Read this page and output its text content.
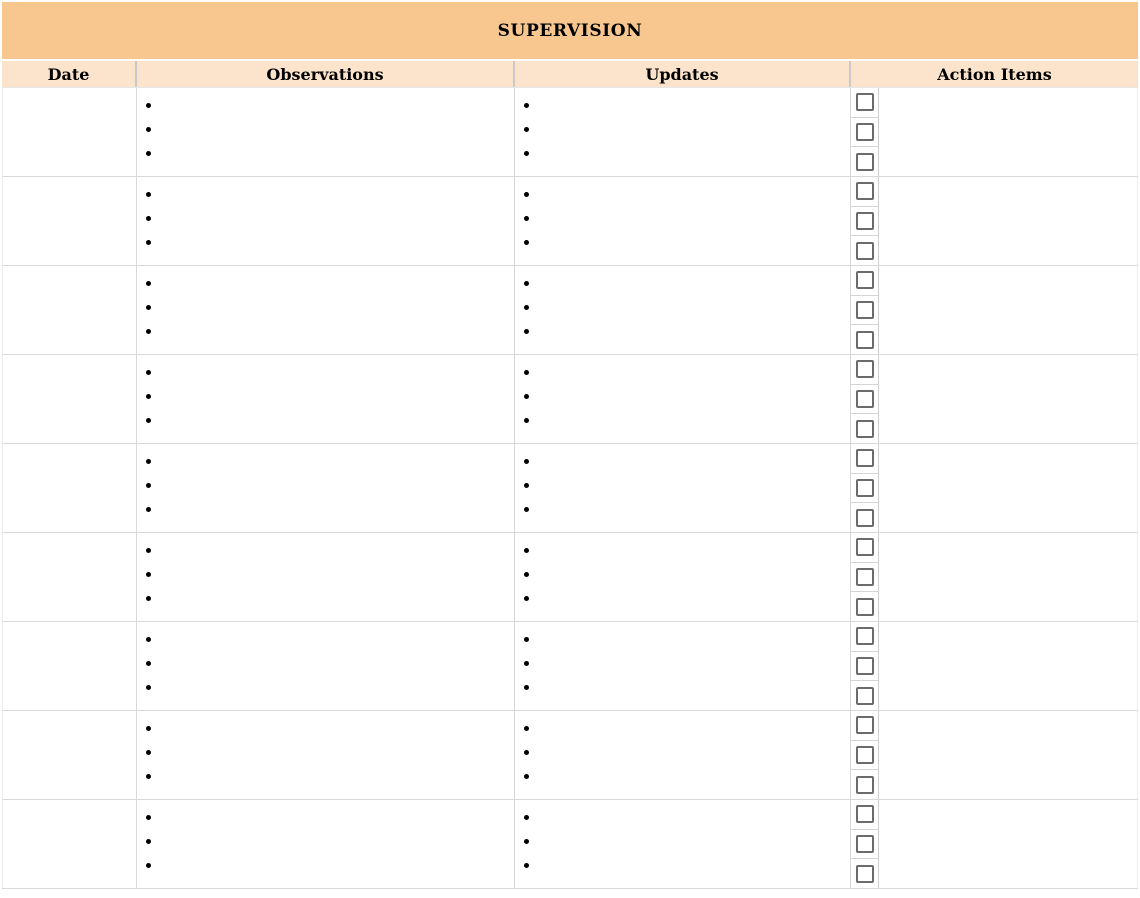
SUPERVISION
Date	Observations	Updates	Action Items
